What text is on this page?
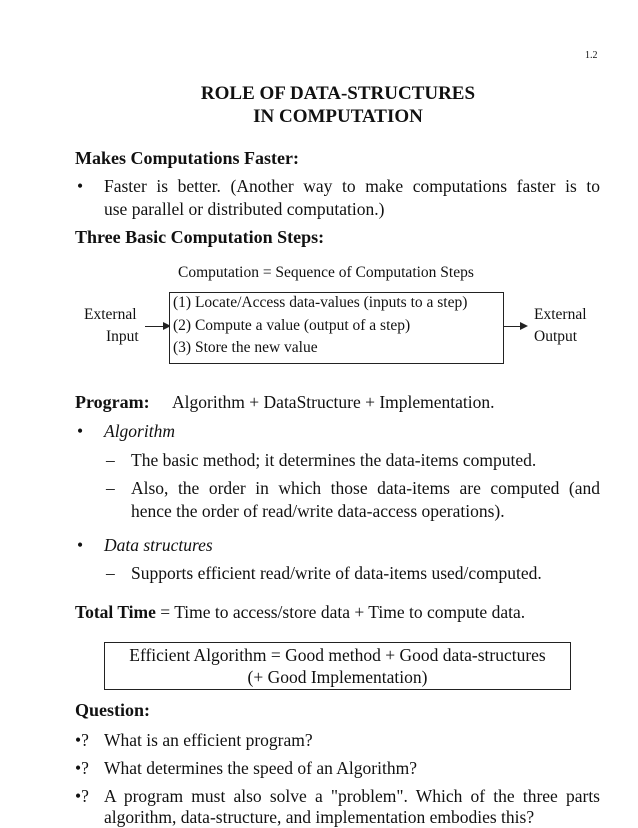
1.2
ROLE OF DATA-STRUCTURES
IN COMPUTATION
Makes Computations Faster:
• Faster is better. (Another way to make computations faster is to
use parallel or distributed computation.)
Three Basic Computation Steps:
Computation = Sequence of Computation Steps
External
Input
(1) Locate/Access data-values (inputs to a step)
(2) Compute a value (output of a step)
(3) Store the new value
External
Output
Program: Algorithm + DataStructure + Implementation.
• Algorithm
– The basic method; it determines the data-items computed.
– Also, the order in which those data-items are computed (and
hence the order of read/write data-access operations).
• Data structures
– Supports efficient read/write of data-items used/computed.
Total Time = Time to access/store data + Time to compute data.
Efficient Algorithm = Good method + Good data-structures
(+ Good Implementation)
Question:
•? What is an efficient program?
•? What determines the speed of an Algorithm?
•? A program must also solve a "problem". Which of the three parts
algorithm, data-structure, and implementation embodies this?
